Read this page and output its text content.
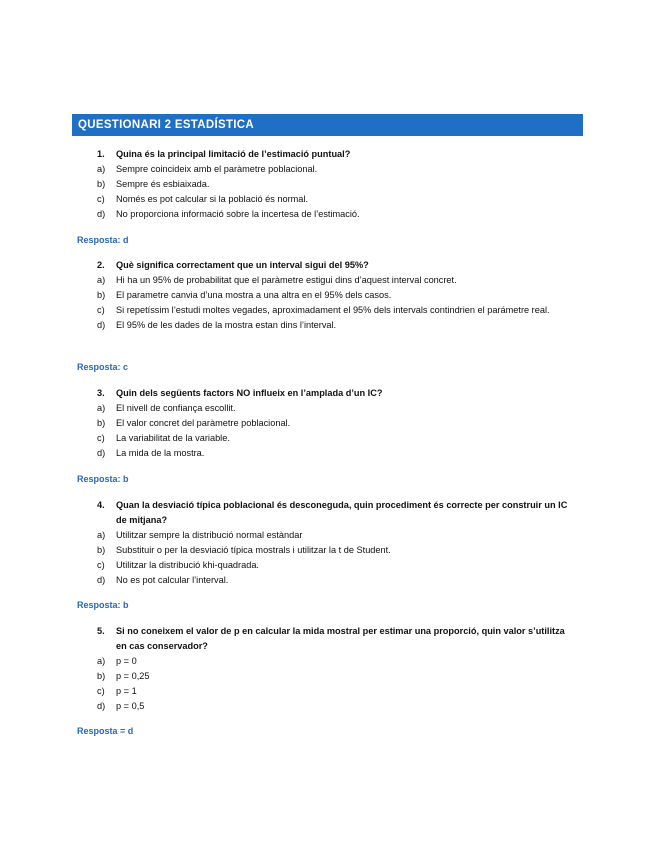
QUESTIONARI 2 ESTADÍSTICA
1.	Quina és la principal limitació de l’estimació puntual?
a)	Sempre coincideix amb el paràmetre poblacional.
b)	Sempre és esbiaixada.
c)	Només es pot calcular si la població és normal.
d)	No proporciona informació sobre la incertesa de l’estimació.
Resposta: d
2.	Què significa correctament que un interval sigui del 95%?
a)	Hi ha un 95% de probabilitat que el paràmetre estigui dins d’aquest interval concret.
b)	El parametre canvia d’una mostra a una altra en el 95% dels casos.
c)	Si repetíssim l’estudi moltes vegades, aproximadament el 95% dels intervals contindrien el parámetre real.
d)	El 95% de les dades de la mostra estan dins l’interval.
Resposta: c
3.	Quin dels següents factors NO influeix en l’amplada d’un IC?
a)	El nivell de confiança escollit.
b)	El valor concret del paràmetre poblacional.
c)	La variabilitat de la variable.
d)	La mida de la mostra.
Resposta: b
4.	Quan la desviació típica poblacional és desconeguda, quin procediment és correcte per construir un IC de mitjana?
a)	Utilitzar sempre la distribució normal estàndar
b)	Substituir o per la desviació típica mostrals i utilitzar la t de Student.
c)	Utilitzar la distribució khi-quadrada.
d)	No es pot calcular l’interval.
Resposta: b
5.	Si no coneixem el valor de p en calcular la mida mostral per estimar una proporció, quin valor s’utilitza en cas conservador?
a)	p = 0
b)	p = 0,25
c)	p = 1
d)	p = 0,5
Resposta = d
